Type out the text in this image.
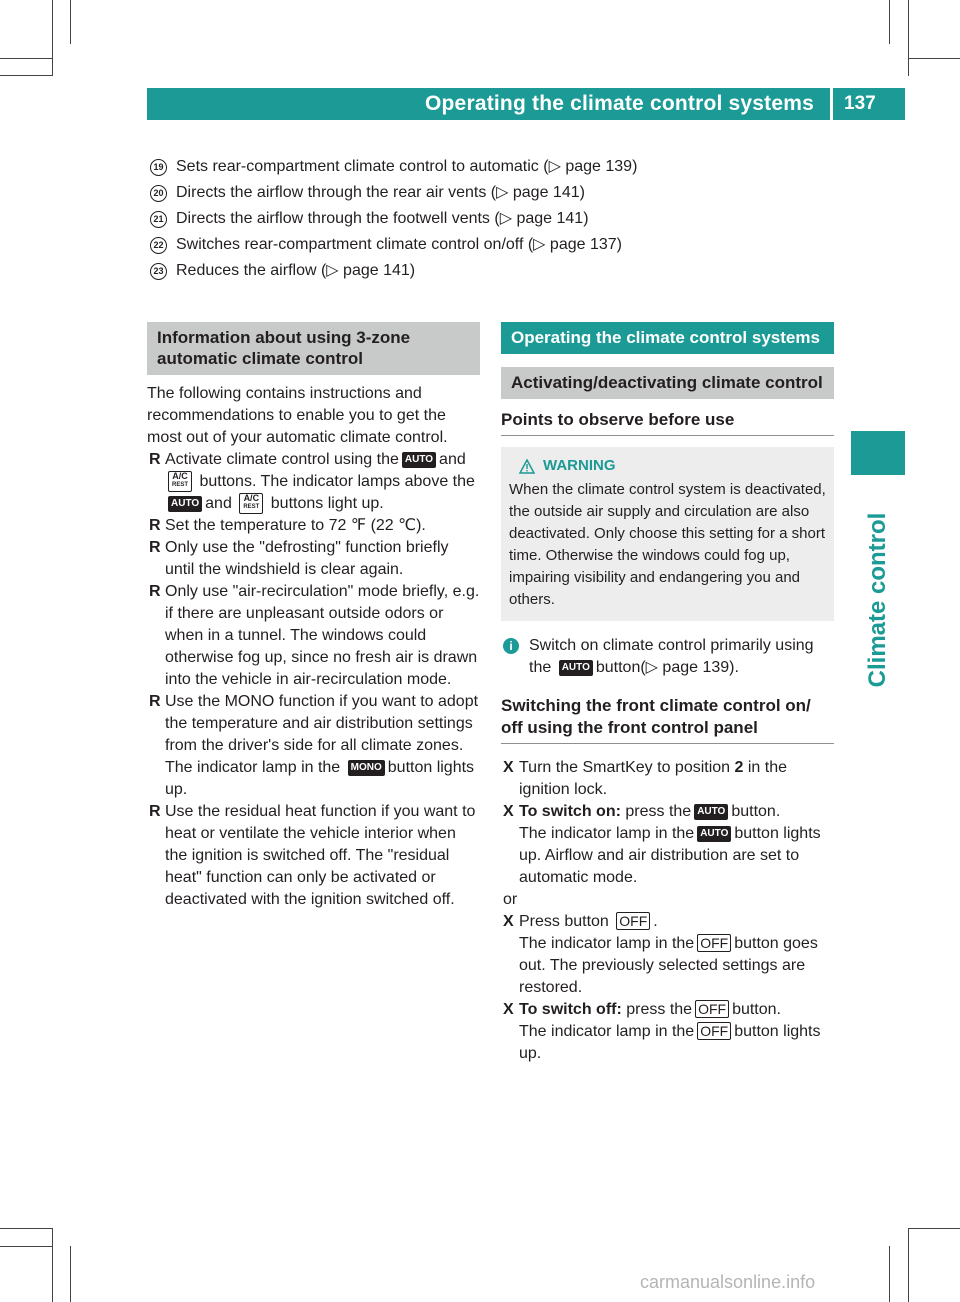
Operating the climate control systems 137
Climate control
19 Sets rear-compartment climate control to automatic (▷ page 139)
20 Directs the airflow through the rear air vents (▷ page 141)
21 Directs the airflow through the footwell vents (▷ page 141)
22 Switches rear-compartment climate control on/off (▷ page 137)
23 Reduces the airflow (▷ page 141)
Information about using 3-zone automatic climate control

The following contains instructions and recommendations to enable you to get the most out of your automatic climate control.

R Activate climate control using the AUTO and A/C
REST buttons. The indicator lamps above the AUTO and A/C
REST buttons light up.
R Set the temperature to 72 ℉ (22 ℃).
R Only use the "defrosting" function briefly until the windshield is clear again.
R Only use "air-recirculation" mode briefly, e.g. if there are unpleasant outside odors or when in a tunnel. The windows could otherwise fog up, since no fresh air is drawn into the vehicle in air-recirculation mode.
R Use the MONO function if you want to adopt the temperature and air distribution settings from the driver's side for all climate zones. The indicator lamp in the MONO button lights up.
R Use the residual heat function if you want to heat or ventilate the vehicle interior when the ignition is switched off. The "residual heat" function can only be activated or deactivated with the ignition switched off.
Operating the climate control systems
Activating/deactivating climate control
Points to observe before use
WARNING

When the climate control system is deactivated, the outside air supply and circulation are also deactivated. Only choose this setting for a short time. Otherwise the windows could fog up, impairing visibility and endangering you and others.

i	Switch on climate control primarily using the AUTO button(▷ page 139).
Switching the front climate control on/ off using the front control panel
X Turn the SmartKey to position 2 in the ignition lock.
X To switch on: press the AUTO button.
The indicator lamp in the AUTO button lights up. Airflow and air distribution are set to automatic mode.

or

X Press button OFF .
The indicator lamp in the OFF button goes out. The previously selected settings are restored.
X To switch off: press the OFF button.
The indicator lamp in the OFF button lights up.
carmanualsonline.info
